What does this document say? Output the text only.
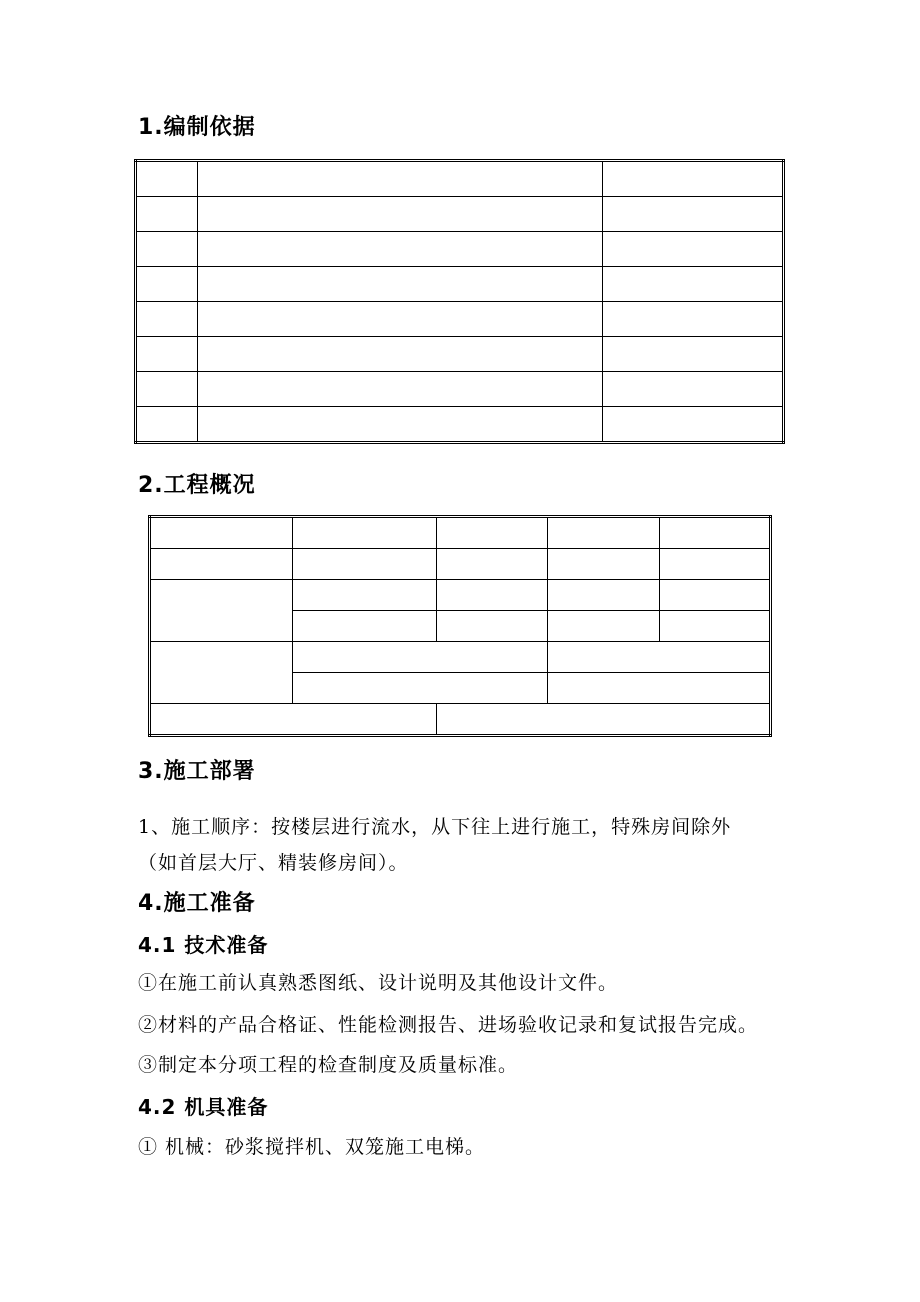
1.编制依据

2.工程概况

3.施工部署

1、施工顺序：按楼层进行流水，从下往上进行施工，特殊房间除外

（如首层大厅、精装修房间）。

4.施工准备
4.1 技术准备

①在施工前认真熟悉图纸、设计说明及其他设计文件。

②材料的产品合格证、性能检测报告、进场验收记录和复试报告完成。

③制定本分项工程的检查制度及质量标准。

4.2 机具准备

① 机械：砂浆搅拌机、双笼施工电梯。
